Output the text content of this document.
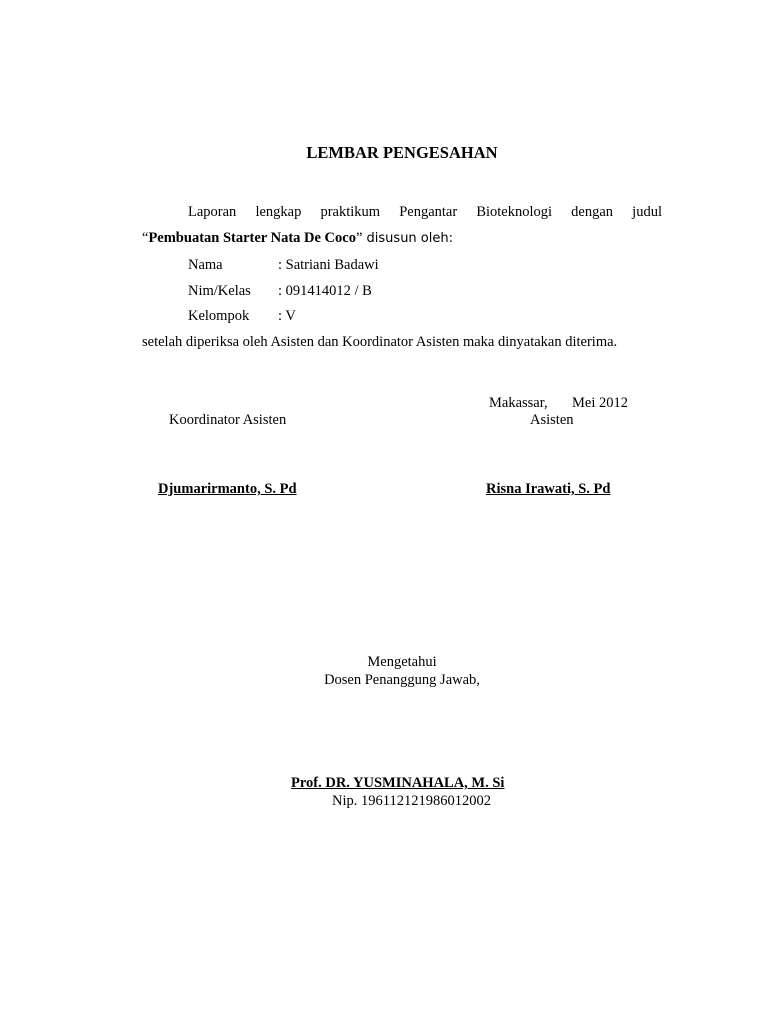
LEMBAR PENGESAHAN
Laporan lengkap praktikum Pengantar Bioteknologi dengan judul
“Pembuatan Starter Nata De Coco” disusun oleh:
Nama	: Satriani Badawi
Nim/Kelas : 091414012 / B
Kelompok : V
setelah diperiksa oleh Asisten dan Koordinator Asisten maka dinyatakan diterima.
Makassar, Mei 2012
Koordinator Asisten	Asisten
Djumarirmanto, S. Pd	Risna Irawati, S. Pd
Mengetahui
Dosen Penanggung Jawab,
Prof. DR. YUSMINAHALA, M. Si
Nip. 196112121986012002
